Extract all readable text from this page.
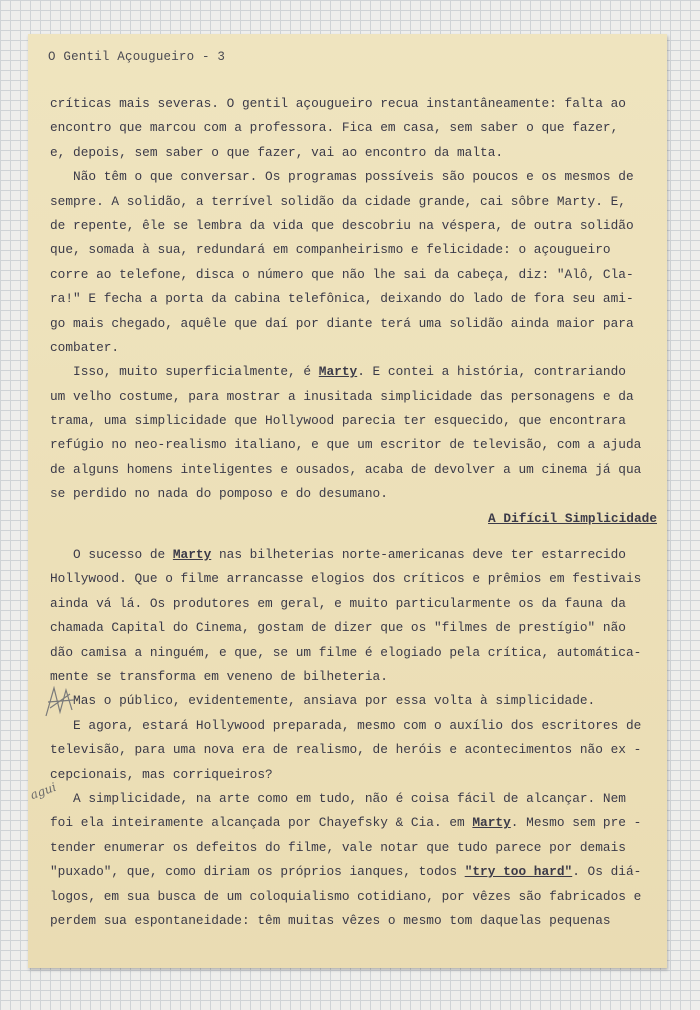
O Gentil Açougueiro - 3
críticas mais severas. O gentil açougueiro recua instantâneamente: falta ao
encontro que marcou com a professora. Fica em casa, sem saber o que fazer,
e, depois, sem saber o que fazer, vai ao encontro da malta.
Não têm o que conversar. Os programas possíveis são poucos e os mesmos de
sempre. A solidão, a terrível solidão da cidade grande, cai sôbre Marty. E,
de repente, êle se lembra da vida que descobriu na véspera, de outra solidão
que, somada à sua, redundará em companheirismo e felicidade: o açougueiro
corre ao telefone, disca o número que não lhe sai da cabeça, diz: "Alô, Cla-
ra!" E fecha a porta da cabina telefônica, deixando do lado de fora seu ami-
go mais chegado, aquêle que daí por diante terá uma solidão ainda maior para
combater.
Isso, muito superficialmente, é Marty. E contei a história, contrariando
um velho costume, para mostrar a inusitada simplicidade das personagens e da
trama, uma simplicidade que Hollywood parecia ter esquecido, que encontrara
refúgio no neo-realismo italiano, e que um escritor de televisão, com a ajuda
de alguns homens inteligentes e ousados, acaba de devolver a um cinema já qua
se perdido no nada do pomposo e do desumano.
A Difícil Simplicidade
O sucesso de Marty nas bilheterias norte-americanas deve ter estarrecido
Hollywood. Que o filme arrancasse elogios dos críticos e prêmios em festivais
ainda vá lá. Os produtores em geral, e muito particularmente os da fauna da
chamada Capital do Cinema, gostam de dizer que os "filmes de prestígio" não
dão camisa a ninguém, e que, se um filme é elogiado pela crítica, automática-
mente se transforma em veneno de bilheteria.
Mas o público, evidentemente, ansiava por essa volta à simplicidade.
E agora, estará Hollywood preparada, mesmo com o auxílio dos escritores de
televisão, para uma nova era de realismo, de heróis e acontecimentos não ex -
cepcionais, mas corriqueiros?
A simplicidade, na arte como em tudo, não é coisa fácil de alcançar. Nem
foi ela inteiramente alcançada por Chayefsky & Cia. em Marty. Mesmo sem pre -
tender enumerar os defeitos do filme, vale notar que tudo parece por demais
"puxado", que, como diriam os próprios ianques, todos "try too hard". Os diá-
logos, em sua busca de um coloquialismo cotidiano, por vêzes são fabricados e
perdem sua espontaneidade: têm muitas vêzes o mesmo tom daquelas pequenas
agui
